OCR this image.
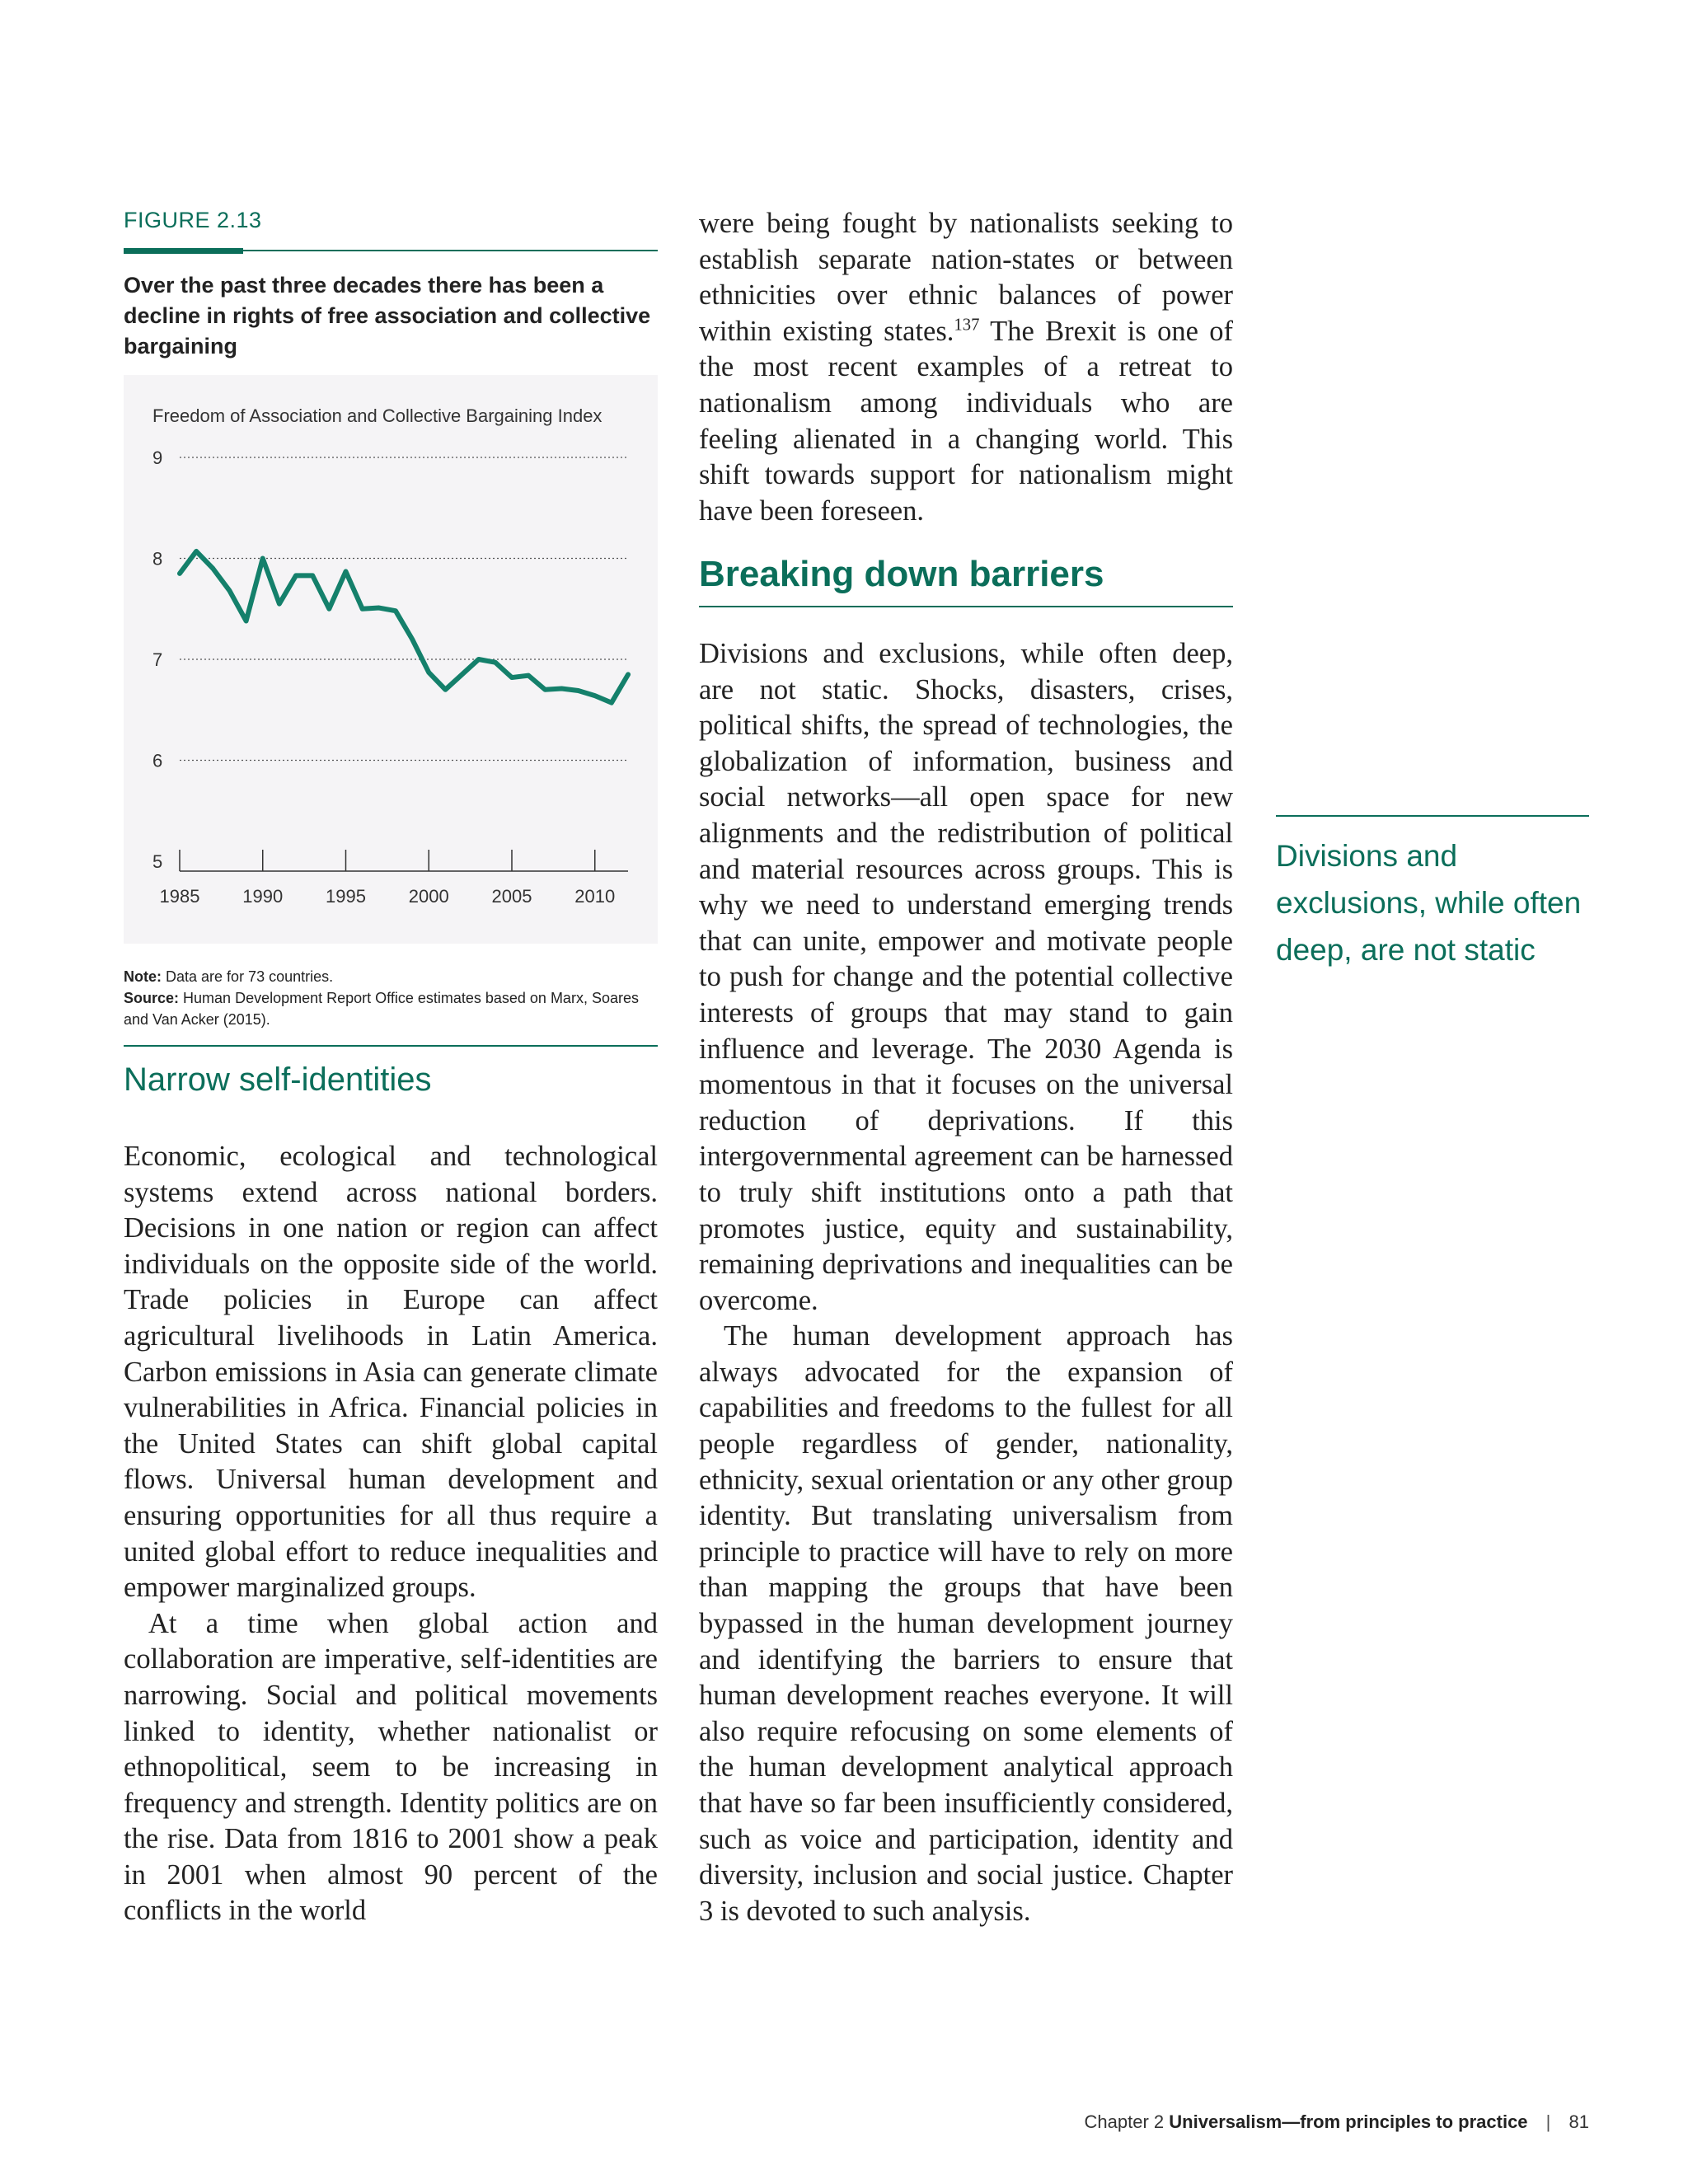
FIGURE 2.13
Over the past three decades there has been a decline in rights of free association and collective bargaining
5
6
7
8
9
1985 1990 1995 2000 2005 2010
Freedom of Association and Collective Bargaining Index
Note: Data are for 73 countries.
Source: Human Development Report Office estimates based on Marx, Soares and Van Acker (2015).
Narrow self-identities

Economic, ecological and technological systems extend across national borders. Decisions in one nation or region can affect individuals on the opposite side of the world. Trade policies in Europe can affect agricultural livelihoods in Latin America. Carbon emissions in Asia can generate climate vulnerabilities in Africa. Financial policies in the United States can shift global capital flows. Universal human development and ensuring opportunities for all thus require a united global effort to reduce inequalities and empower marginalized groups.

At a time when global action and collaboration are imperative, self-identities are narrowing. Social and political movements linked to identity, whether nationalist or ethnopolitical, seem to be increasing in frequency and strength. Identity politics are on the rise. Data from 1816 to 2001 show a peak in 2001 when almost 90 percent of the conflicts in the world

were being fought by nationalists seeking to establish separate nation-states or between ethnicities over ethnic balances of power within existing states.$^{137}$ The Brexit is one of the most recent examples of a retreat to nationalism among individuals who are feeling alienated in a changing world. This shift towards support for nationalism might have been foreseen.

Breaking down barriers

Divisions and exclusions, while often deep, are not static. Shocks, disasters, crises, political shifts, the spread of technologies, the globalization of information, business and social networks—all open space for new alignments and the redistribution of political and material resources across groups. This is why we need to understand emerging trends that can unite, empower and motivate people to push for change and the potential collective interests of groups that may stand to gain influence and leverage. The 2030 Agenda is momentous in that it focuses on the universal reduction of deprivations. If this intergovernmental agreement can be harnessed to truly shift institutions onto a path that promotes justice, equity and sustainability, remaining deprivations and inequalities can be overcome.

The human development approach has always advocated for the expansion of capabilities and freedoms to the fullest for all people regardless of gender, nationality, ethnicity, sexual orientation or any other group identity. But translating universalism from principle to practice will have to rely on more than mapping the groups that have been bypassed in the human development journey and identifying the barriers to ensure that human development reaches everyone. It will also require refocusing on some elements of the human development analytical approach that have so far been insufficiently considered, such as voice and participation, identity and diversity, inclusion and social justice. Chapter 3 is devoted to such analysis.

Divisions and exclusions, while often deep, are not static
Chapter 2 Universalism—from principles to practice | 81
